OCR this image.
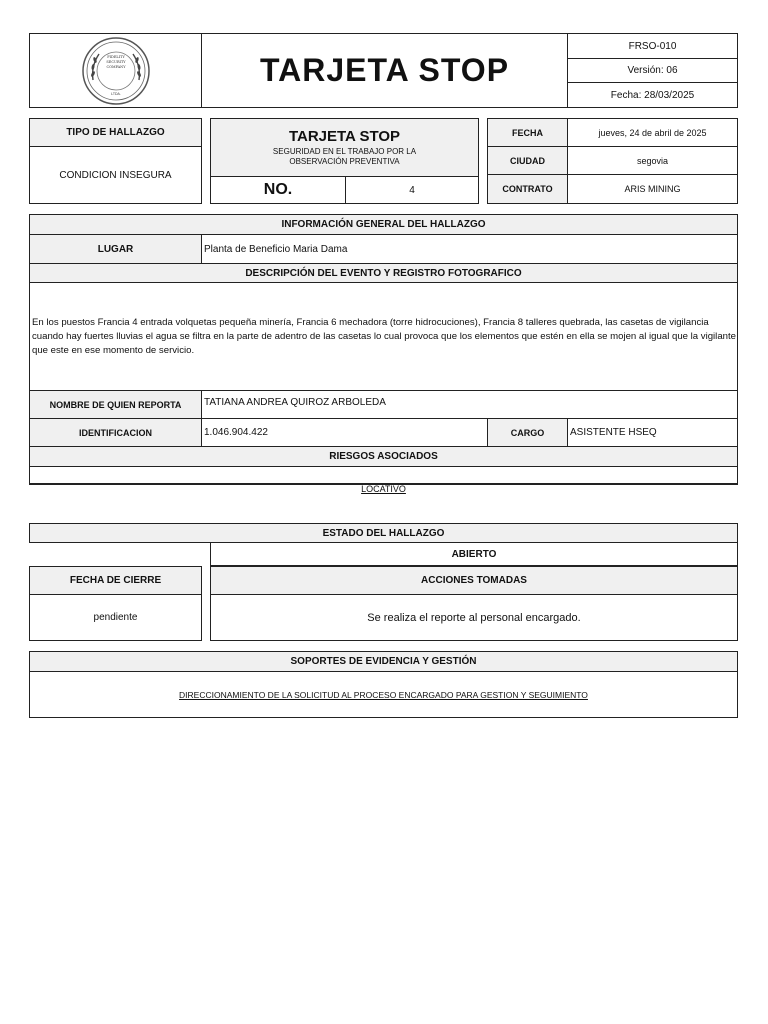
FIDELITY
SECURITY
COMPANY
LTDA.
TARJETA STOP
FRSO-010
Versión: 06
Fecha: 28/03/2025
TIPO DE HALLAZGO
CONDICION INSEGURA
TARJETA STOP
SEGURIDAD EN EL TRABAJO POR LA OBSERVACIÓN PREVENTIVA
NO.	4
FECHA	jueves, 24 de abril de 2025
CIUDAD	segovia
CONTRATO	ARIS MINING
INFORMACIÓN GENERAL DEL HALLAZGO
LUGAR	Planta de Beneficio Maria Dama
DESCRIPCIÓN DEL EVENTO Y REGISTRO FOTOGRAFICO
En los puestos Francia 4 entrada volquetas pequeña minería, Francia 6 mechadora (torre hidrocuciones), Francia 8 talleres quebrada, las casetas de vigilancia cuando hay fuertes lluvias el agua se filtra en la parte de adentro de las casetas lo cual provoca que los elementos que estén en ella se mojen al igual que la vigilante que este en ese momento de servicio.
NOMBRE DE QUIEN REPORTA	TATIANA ANDREA QUIROZ ARBOLEDA
IDENTIFICACION	1.046.904.422	CARGO	ASISTENTE HSEQ
RIESGOS ASOCIADOS
LOCATIVO
ESTADO DEL HALLAZGO
ABIERTO
FECHA DE CIERRE
pendiente
ACCIONES TOMADAS
Se realiza el reporte al personal encargado.
SOPORTES DE EVIDENCIA Y GESTIÓN
DIRECCIONAMIENTO DE LA SOLICITUD AL PROCESO ENCARGADO PARA GESTION Y SEGUIMIENTO
